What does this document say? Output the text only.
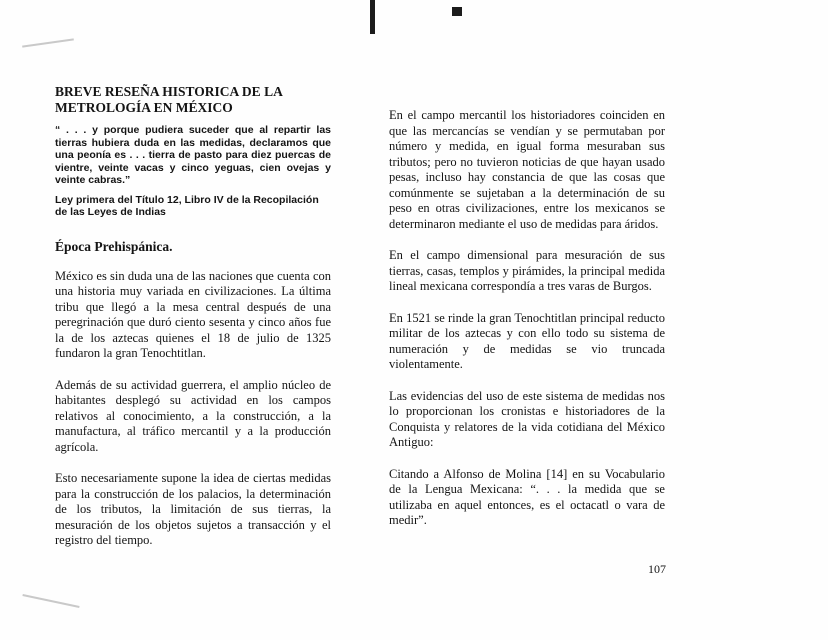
BREVE RESEÑA HISTORICA DE LA METROLOGÍA EN MÉXICO

“ . . . y porque pudiera suceder que al repartir las tierras hubiera duda en las medidas, declaramos que una peonía es . . . tierra de pasto para diez puercas de vientre, veinte vacas y cinco yeguas, cien ovejas y veinte cabras.”

Ley primera del Título 12, Libro IV de la Recopilación de las Leyes de Indias

Época Prehispánica.

México es sin duda una de las naciones que cuenta con una historia muy variada en civilizaciones. La última tribu que llegó a la mesa central después de una peregrinación que duró ciento sesenta y cinco años fue la de los aztecas quienes el 18 de julio de 1325 fundaron la gran Tenochtitlan.

Además de su actividad guerrera, el amplio núcleo de habitantes desplegó su actividad en los campos relativos al conocimiento, a la construcción, a la manufactura, al tráfico mercantil y a la producción agrícola.

Esto necesariamente supone la idea de ciertas medidas para la construcción de los palacios, la determinación de los tributos, la limitación de sus tierras, la mesuración de los objetos sujetos a transacción y el registro del tiempo.

En el campo mercantil los historiadores coinciden en que las mercancías se vendían y se permutaban por número y medida, en igual forma mesuraban sus tributos; pero no tuvieron noticias de que hayan usado pesas, incluso hay constancia de que las cosas que comúnmente se sujetaban a la determinación de su peso en otras civilizaciones, entre los mexicanos se determinaron mediante el uso de medidas para áridos.

En el campo dimensional para mesuración de sus tierras, casas, templos y pirámides, la principal medida lineal mexicana correspondía a tres varas de Burgos.

En 1521 se rinde la gran Tenochtitlan principal reducto militar de los aztecas y con ello todo su sistema de numeración y de medidas se vio truncada violentamente.

Las evidencias del uso de este sistema de medidas nos lo proporcionan los cronistas e historiadores de la Conquista y relatores de la vida cotidiana del México Antiguo:

Citando a Alfonso de Molina [14] en su Vocabulario de la Lengua Mexicana: “. . . la medida que se utilizaba en aquel entonces, es el octacatl o vara de medir”.

107
